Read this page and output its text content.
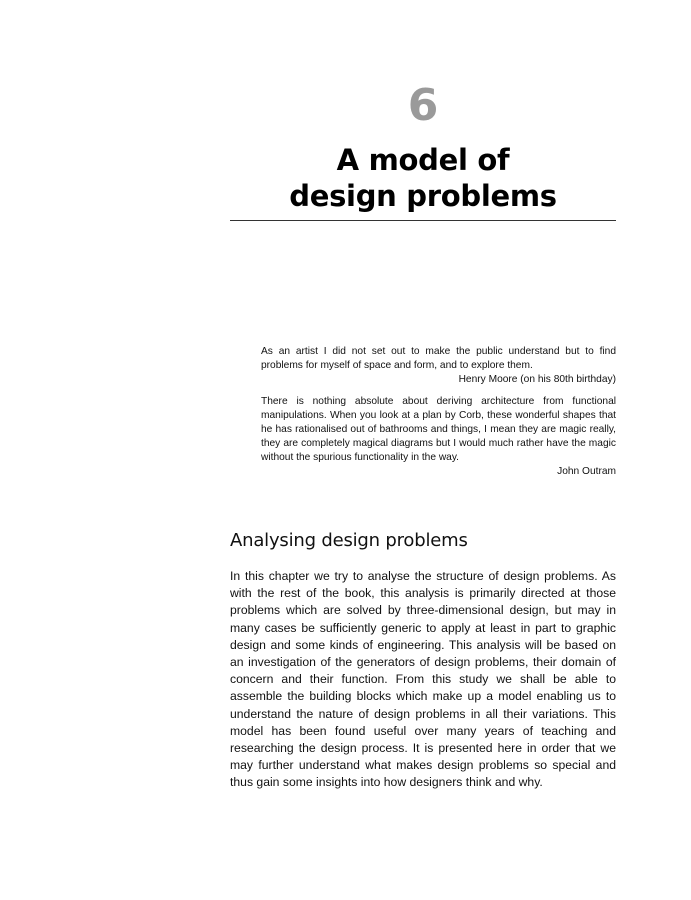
6
A model of
design problems

As an artist I did not set out to make the public understand but to find problems for myself of space and form, and to explore them.

Henry Moore (on his 80th birthday)

There is nothing absolute about deriving architecture from functional manipulations. When you look at a plan by Corb, these wonderful shapes that he has rationalised out of bathrooms and things, I mean they are magic really, they are completely magical diagrams but I would much rather have the magic without the spurious functionality in the way.

John Outram

Analysing design problems

In this chapter we try to analyse the structure of design problems. As with the rest of the book, this analysis is primarily directed at those problems which are solved by three-dimensional design, but may in many cases be sufficiently generic to apply at least in part to graphic design and some kinds of engineering. This analysis will be based on an investigation of the generators of design problems, their domain of concern and their function. From this study we shall be able to assemble the building blocks which make up a model enabling us to understand the nature of design problems in all their variations. This model has been found useful over many years of teaching and researching the design process. It is presented here in order that we may further understand what makes design problems so special and thus gain some insights into how designers think and why.
